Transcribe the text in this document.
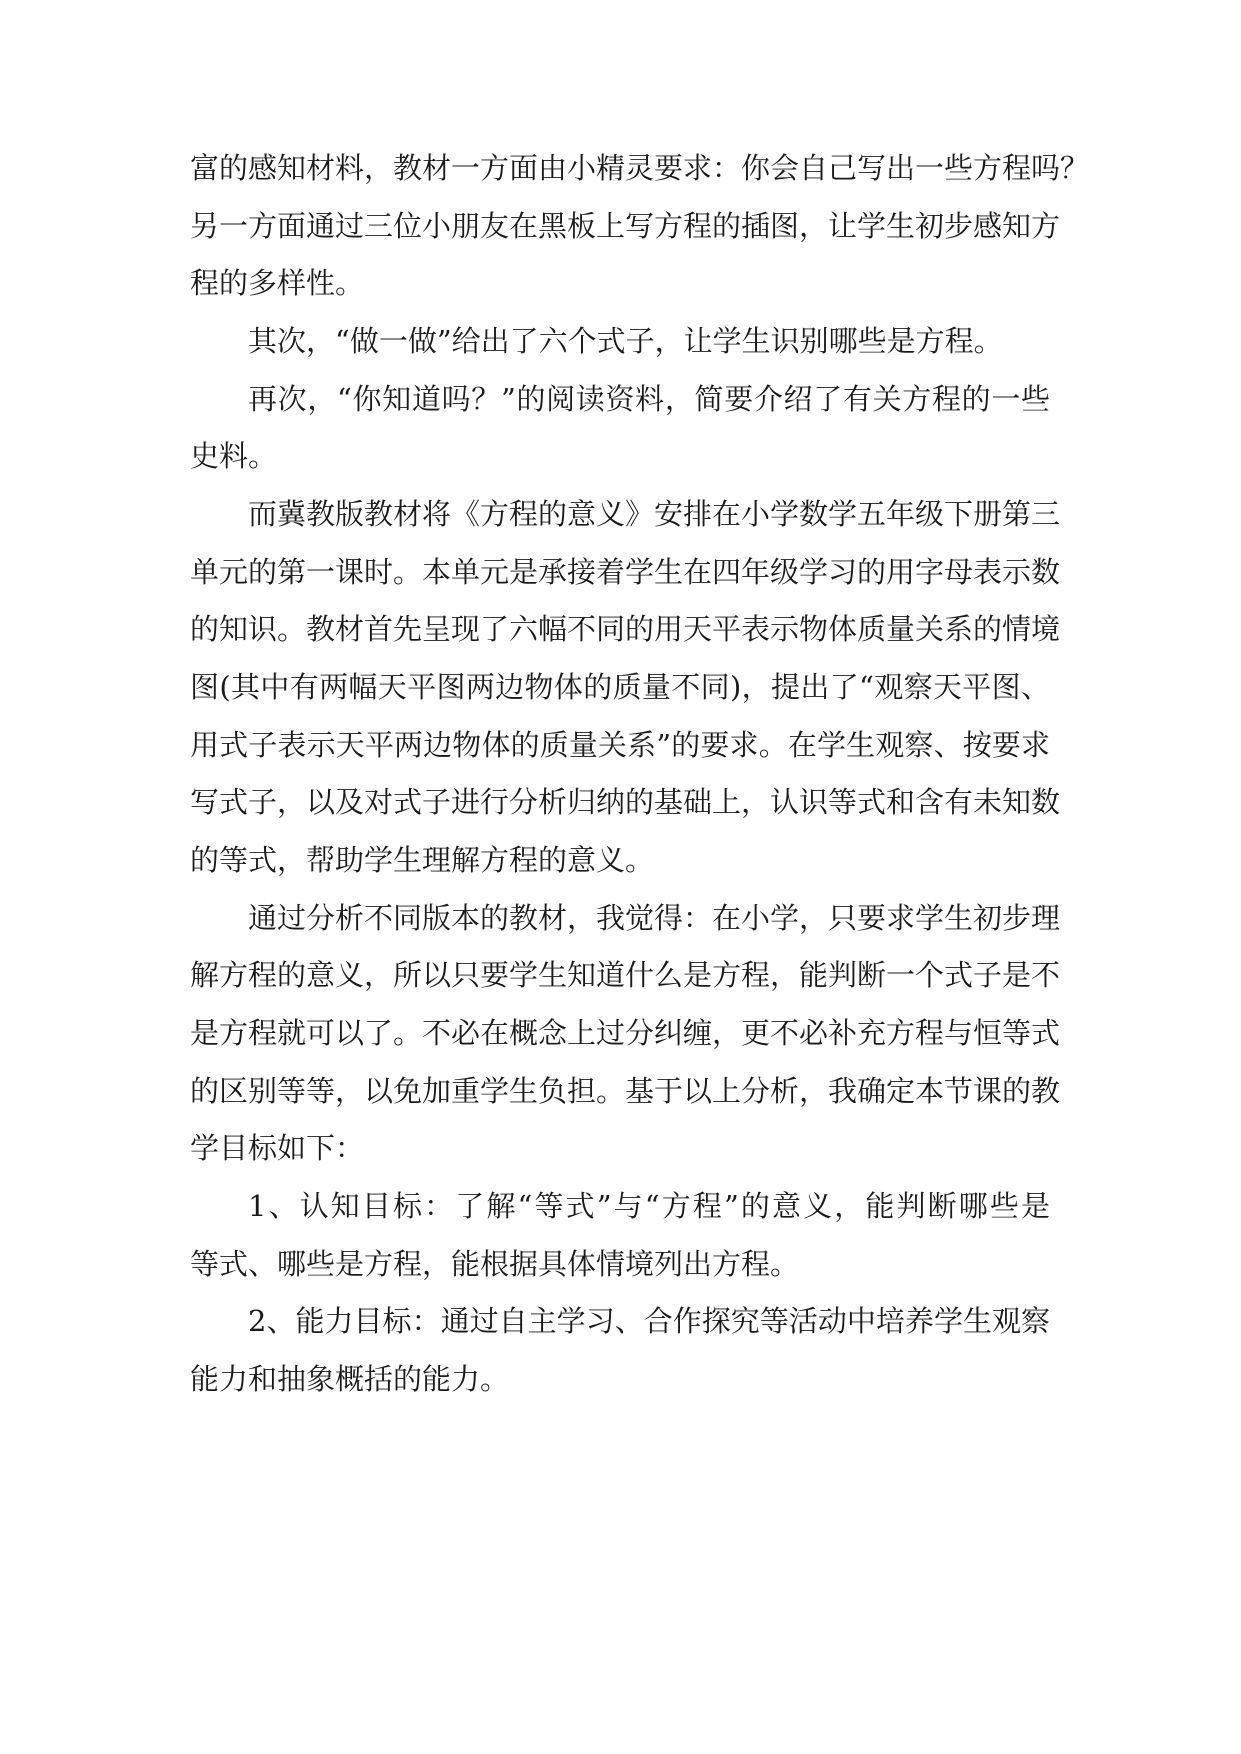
富的感知材料，教材一方面由小精灵要求：你会自己写出一些方程吗？
另一方面通过三位小朋友在黑板上写方程的插图，让学生初步感知方
程的多样性。
其次，“做一做”给出了六个式子，让学生识别哪些是方程。
再次，“你知道吗？”的阅读资料，简要介绍了有关方程的一些
史料。
而冀教版教材将《方程的意义》安排在小学数学五年级下册第三
单元的第一课时。本单元是承接着学生在四年级学习的用字母表示数
的知识。教材首先呈现了六幅不同的用天平表示物体质量关系的情境
图(其中有两幅天平图两边物体的质量不同)，提出了“观察天平图、
用式子表示天平两边物体的质量关系”的要求。在学生观察、按要求
写式子，以及对式子进行分析归纳的基础上，认识等式和含有未知数
的等式，帮助学生理解方程的意义。
通过分析不同版本的教材，我觉得：在小学，只要求学生初步理
解方程的意义，所以只要学生知道什么是方程，能判断一个式子是不
是方程就可以了。不必在概念上过分纠缠，更不必补充方程与恒等式
的区别等等，以免加重学生负担。基于以上分析，我确定本节课的教
学目标如下：
1、认知目标：了解“等式”与“方程”的意义，能判断哪些是
等式、哪些是方程，能根据具体情境列出方程。
2、能力目标：通过自主学习、合作探究等活动中培养学生观察
能力和抽象概括的能力。
